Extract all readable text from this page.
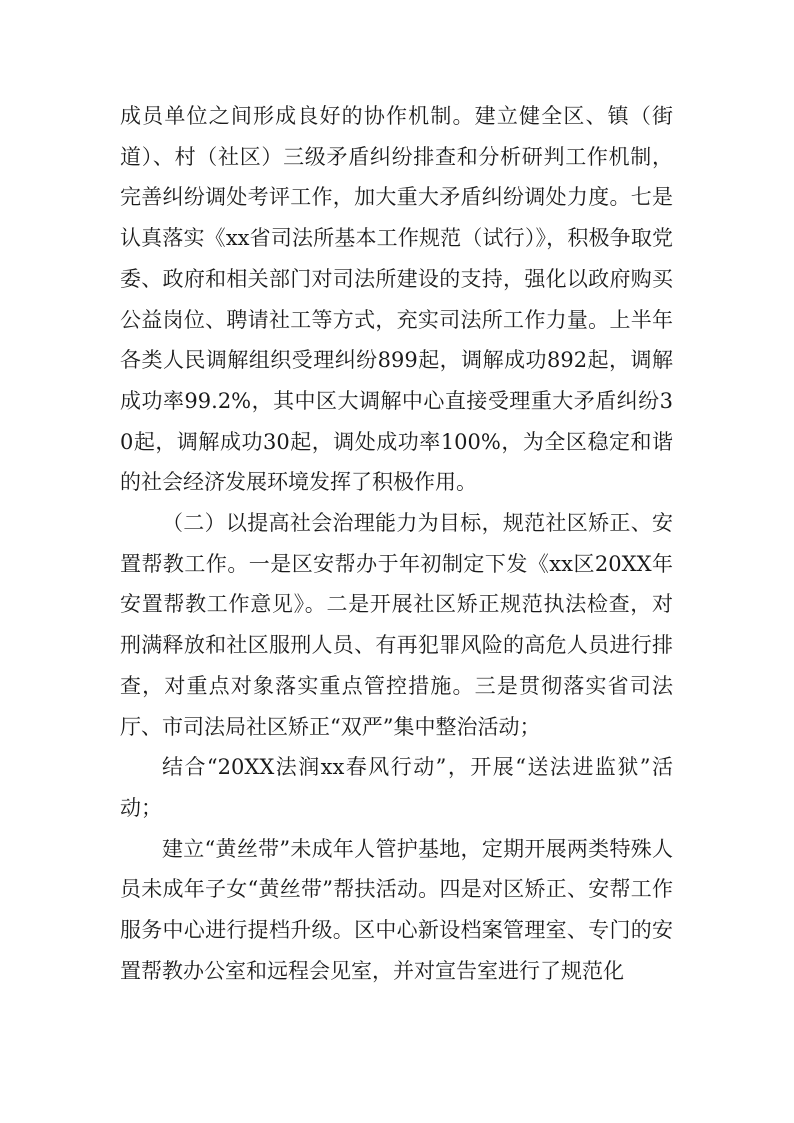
成员单位之间形成良好的协作机制。建立健全区、镇（街道）、村（社区）三级矛盾纠纷排查和分析研判工作机制，完善纠纷调处考评工作，加大重大矛盾纠纷调处力度。七是认真落实《xx省司法所基本工作规范（试行）》，积极争取党委、政府和相关部门对司法所建设的支持，强化以政府购买公益岗位、聘请社工等方式，充实司法所工作力量。上半年各类人民调解组织受理纠纷899起，调解成功892起，调解成功率99.2%，其中区大调解中心直接受理重大矛盾纠纷30起，调解成功30起，调处成功率100%，为全区稳定和谐的社会经济发展环境发挥了积极作用。

（二）以提高社会治理能力为目标，规范社区矫正、安置帮教工作。一是区安帮办于年初制定下发《xx区20XX年安置帮教工作意见》。二是开展社区矫正规范执法检查，对刑满释放和社区服刑人员、有再犯罪风险的高危人员进行排查，对重点对象落实重点管控措施。三是贯彻落实省司法厅、市司法局社区矫正“双严”集中整治活动；

结合“20XX法润xx春风行动”，开展“送法进监狱”活动；

建立“黄丝带”未成年人管护基地，定期开展两类特殊人员未成年子女“黄丝带”帮扶活动。四是对区矫正、安帮工作服务中心进行提档升级。区中心新设档案管理室、专门的安置帮教办公室和远程会见室，并对宣告室进行了规范化
